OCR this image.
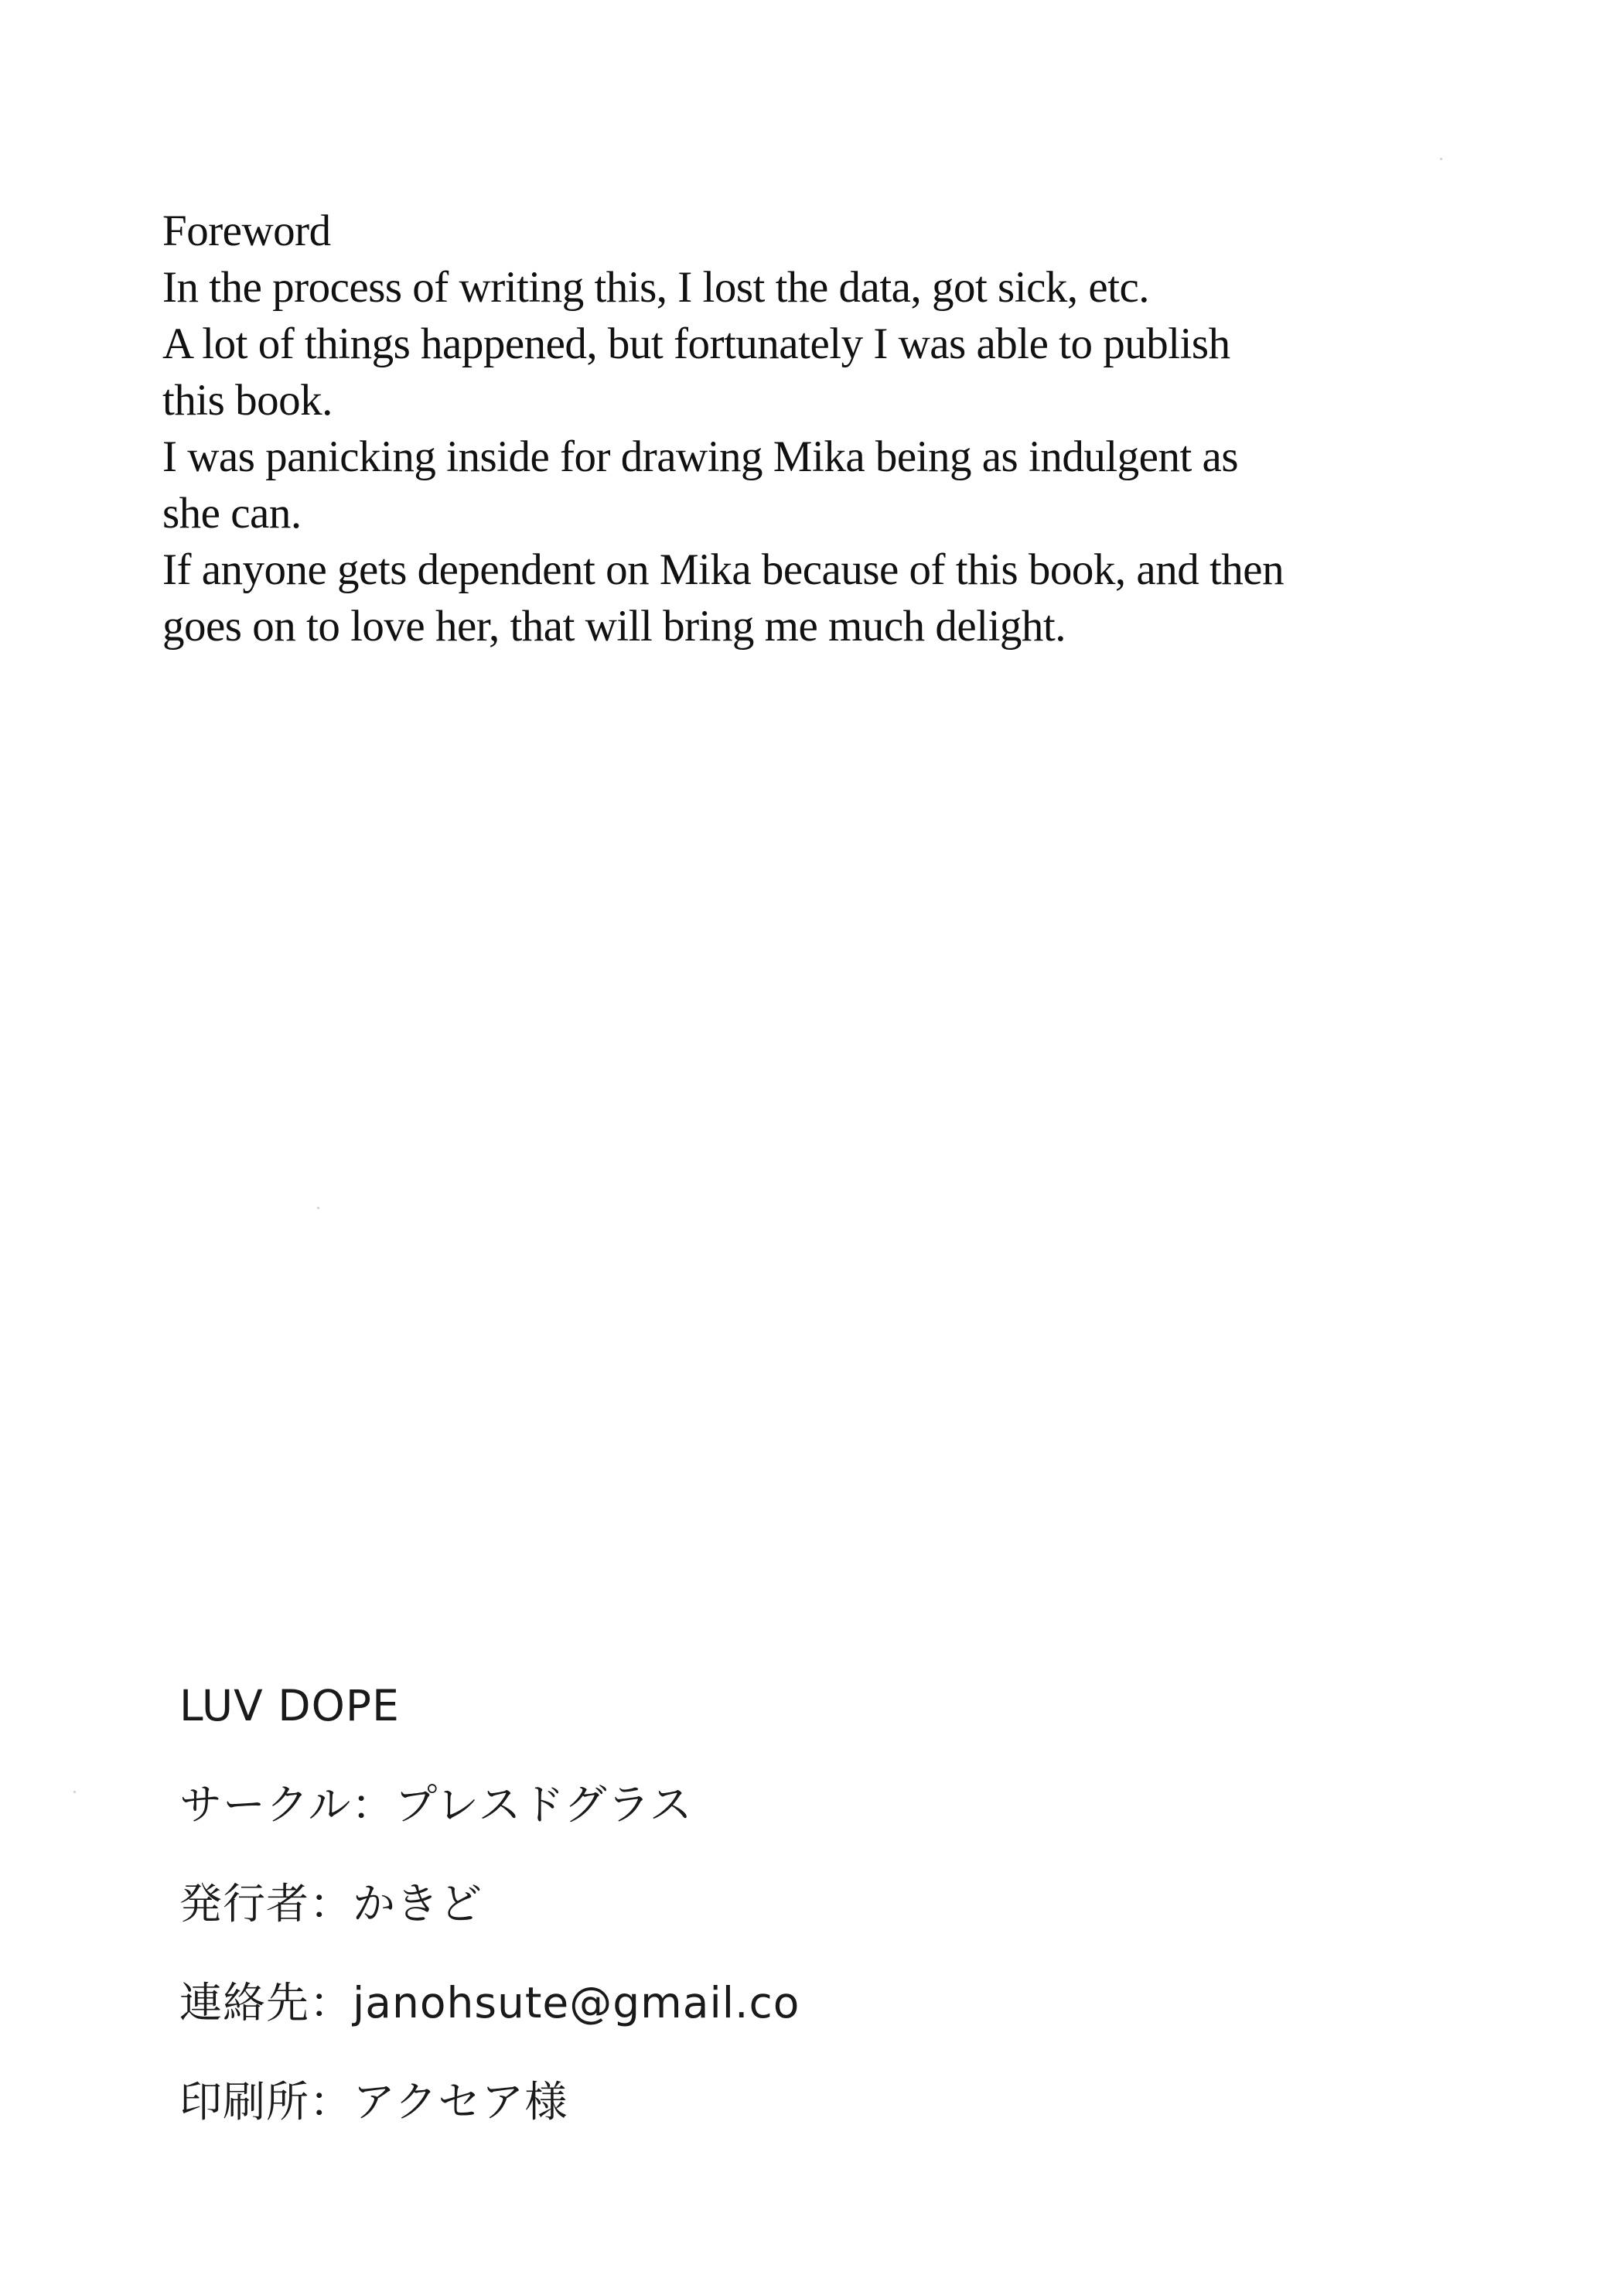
Foreword
In the process of writing this, I lost the data, got sick, etc.
A lot of things happened, but fortunately I was able to publish
this book.
I was panicking inside for drawing Mika being as indulgent as
she can.
If anyone gets dependent on Mika because of this book, and then
goes on to love her, that will bring me much delight.
LUV DOPE
サークル：プレスドグラス
発行者：かきど
連絡先：janohsute@gmail.co
印刷所：アクセア様
